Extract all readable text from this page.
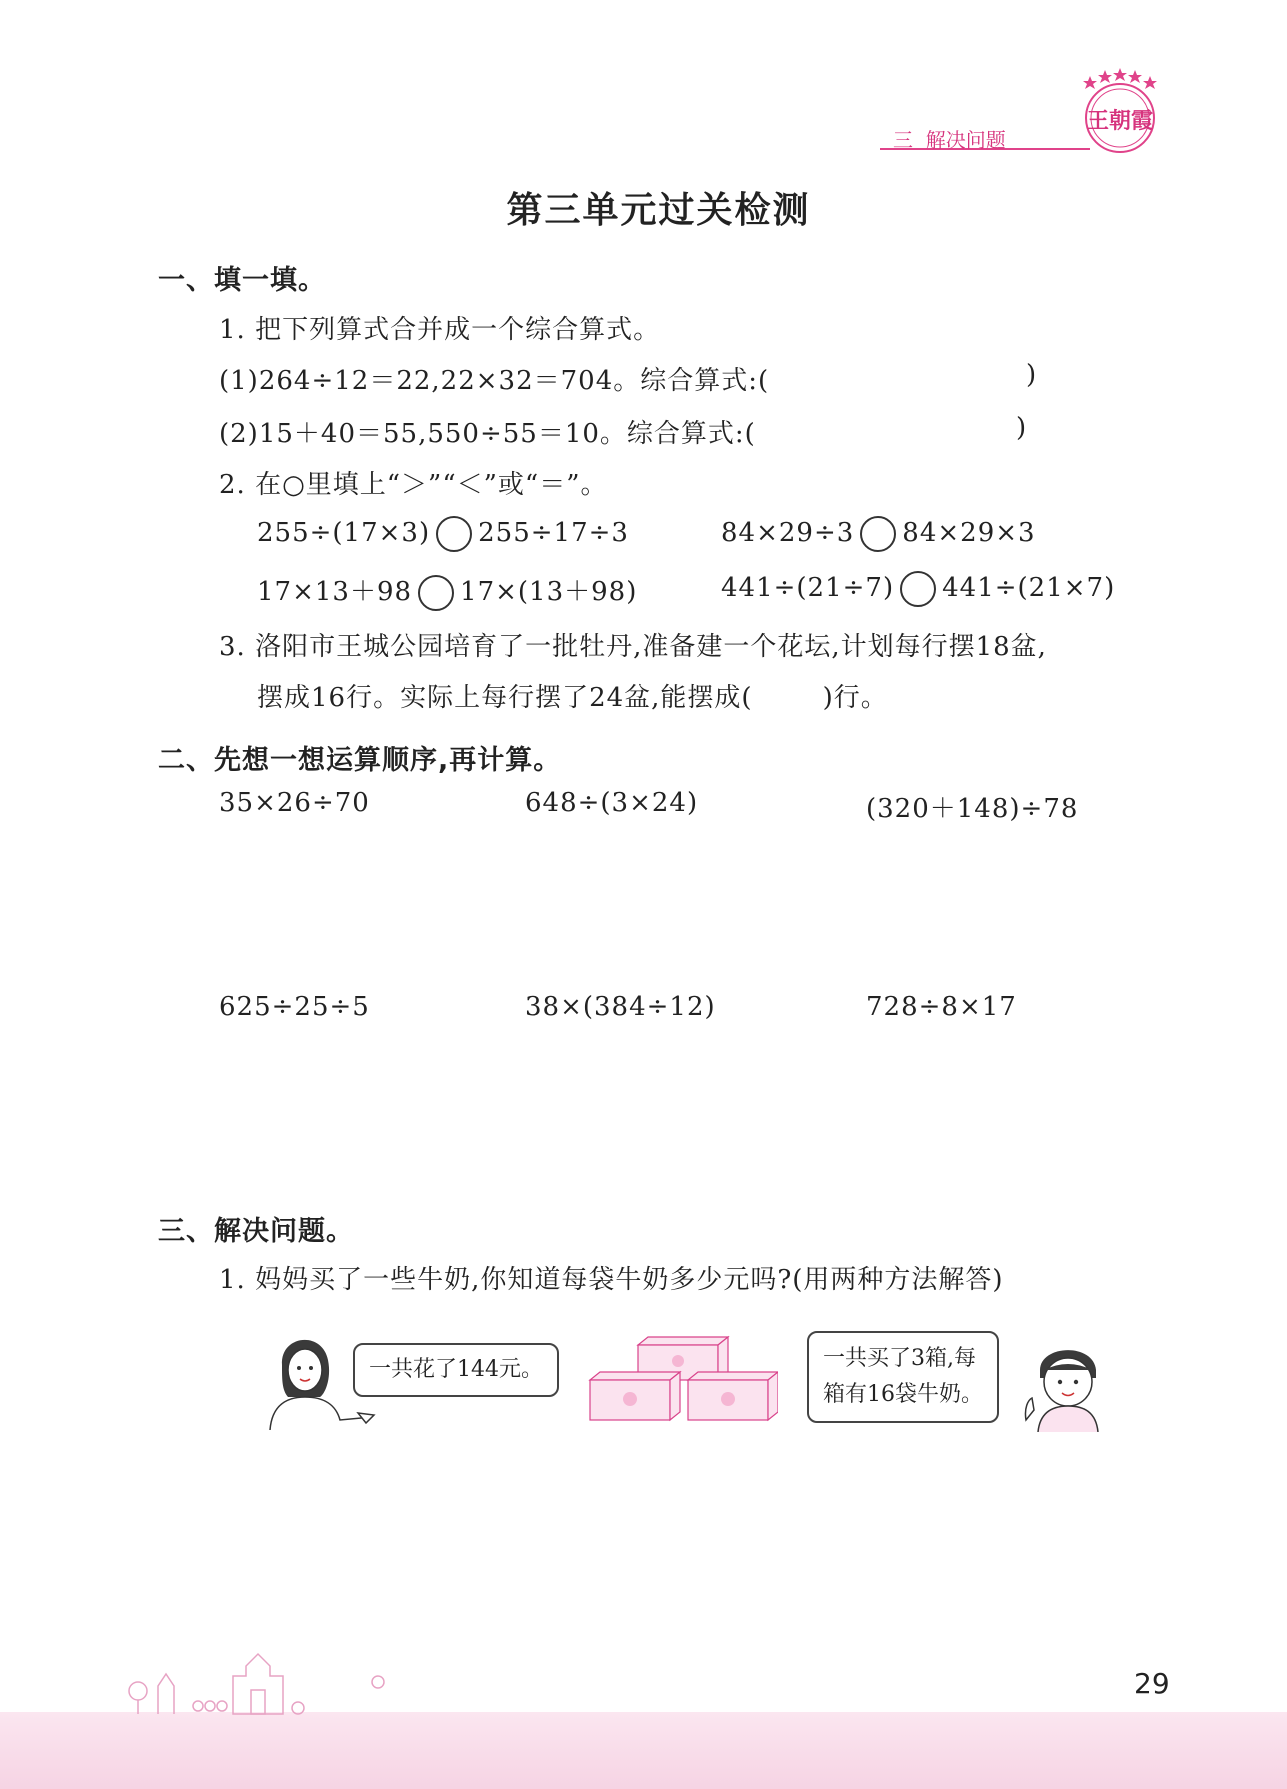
三  解决问题
王朝霞
第三单元过关检测
一、填一填。
1. 把下列算式合并成一个综合算式。
(1)264÷12＝22,22×32＝704。综合算式:(	)
(2)15＋40＝55,550÷55＝10。综合算式:(	)
2. 在○里填上“＞”“＜”或“＝”。
255÷(17×3) 255÷17÷3	84×29÷3 84×29×3
17×13＋98 17×(13＋98)	441÷(21÷7) 441÷(21×7)
3. 洛阳市王城公园培育了一批牡丹,准备建一个花坛,计划每行摆18盆,
摆成16行。实际上每行摆了24盆,能摆成(	)行。
二、先想一想运算顺序,再计算。
35×26÷70	648÷(3×24)	(320＋148)÷78
625÷25÷5	38×(384÷12)	728÷8×17
三、解决问题。
1. 妈妈买了一些牛奶,你知道每袋牛奶多少元吗?(用两种方法解答)
一共花了144元。	一共买了3箱,每
箱有16袋牛奶。
29
